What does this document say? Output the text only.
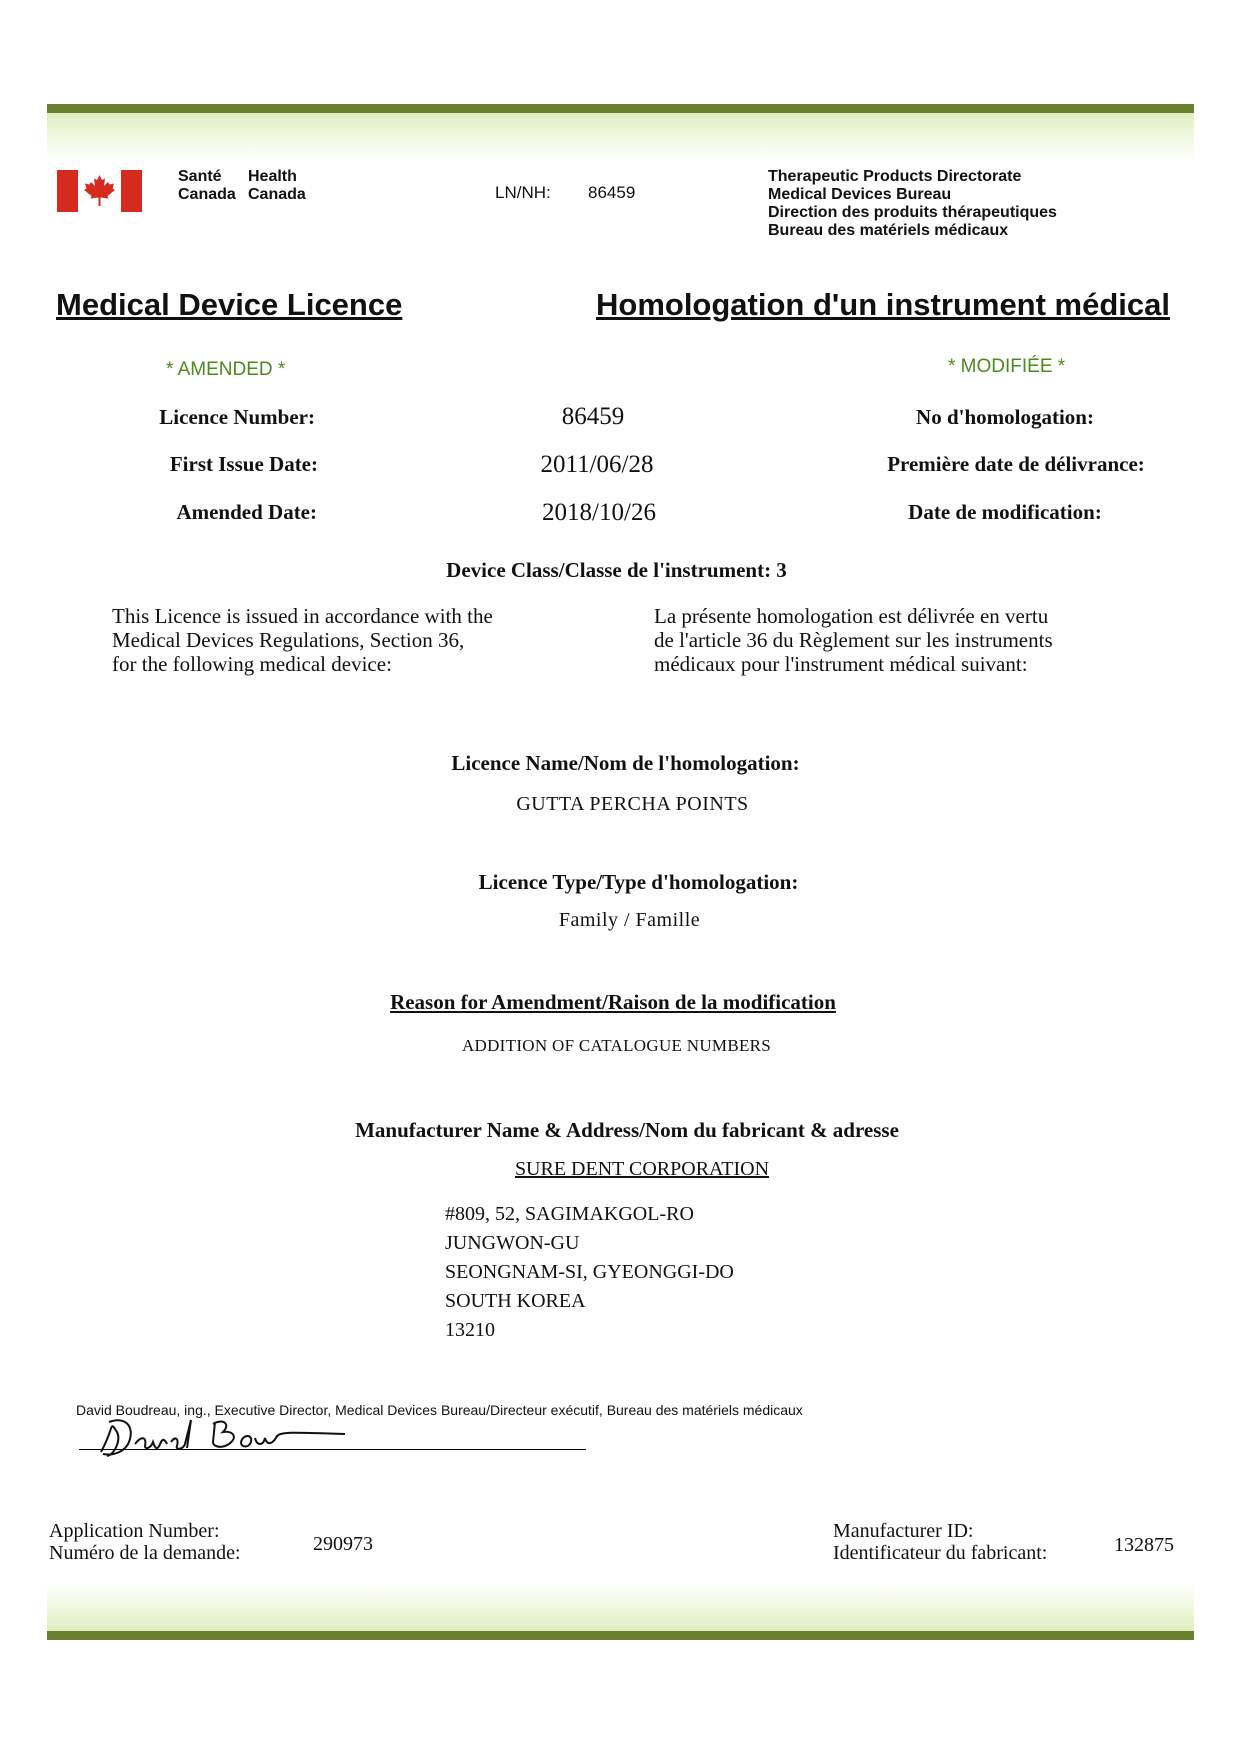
Santé Health
Canada Canada	LN/NH: 86459
Therapeutic Products Directorate
Medical Devices Bureau
Direction des produits thérapeutiques
Bureau des matériels médicaux
Medical Device Licence	Homologation d'un instrument médical
* AMENDED *	* MODIFIÉE *
Licence Number:	86459	No d'homologation:
First Issue Date:	2011/06/28	Première date de délivrance:
Amended Date:	2018/10/26	Date de modification:
Device Class/Classe de l'instrument: 3
This Licence is issued in accordance with the
Medical Devices Regulations, Section 36,
for the following medical device:
La présente homologation est délivrée en vertu
de l'article 36 du Règlement sur les instruments
médicaux pour l'instrument médical suivant:
Licence Name/Nom de l'homologation:
GUTTA PERCHA POINTS
Licence Type/Type d'homologation:
Family / Famille
Reason for Amendment/Raison de la modification
ADDITION OF CATALOGUE NUMBERS
Manufacturer Name & Address/Nom du fabricant & adresse
SURE DENT CORPORATION
#809, 52, SAGIMAKGOL-RO
JUNGWON-GU
SEONGNAM-SI, GYEONGGI-DO
SOUTH KOREA
13210
David Boudreau, ing., Executive Director, Medical Devices Bureau/Directeur exécutif, Bureau des matériels médicaux
Application Number:
Numéro de la demande:	290973
Manufacturer ID:
Identificateur du fabricant:	132875
